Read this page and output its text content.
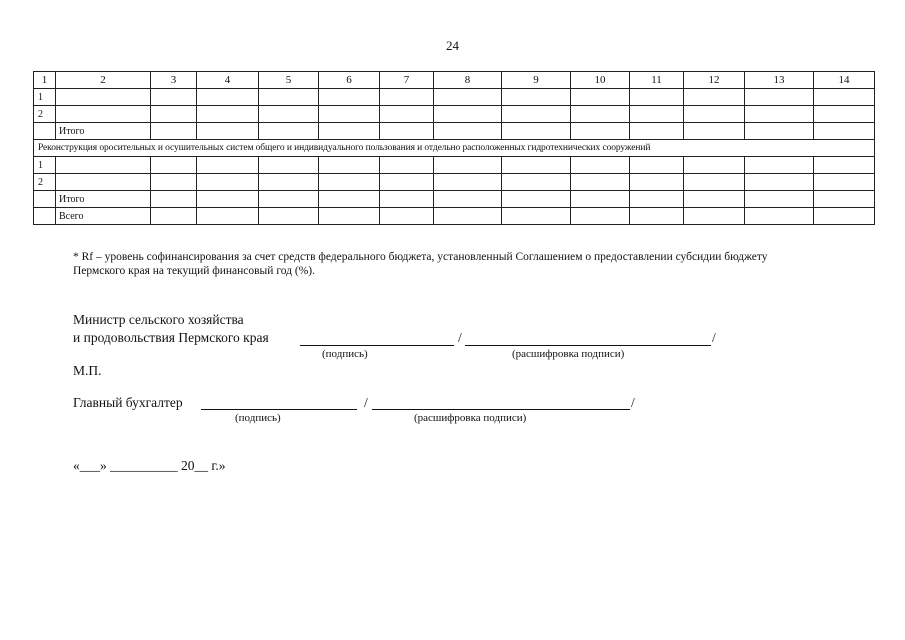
24
1	2	3	4	5	6	7	8	9	10	11	12	13	14
1													
2													
	Итого												
Реконструкция оросительных и осушительных систем общего и индивидуального пользования и отдельно расположенных гидротехнических сооружений													
1													
2													
	Итого												
	Всего												
* Rf – уровень софинансирования за счет средств федерального бюджета, установленный Соглашением о предоставлении субсидии бюджету
Пермского края на текущий финансовый год (%).
Министр сельского хозяйства
и продовольствия Пермского края	/	/
(подпись)	(расшифровка подписи)
М.П.
Главный бухгалтер	/	/
(подпись)	(расшифровка подписи)
«___» __________ 20__ г.»
